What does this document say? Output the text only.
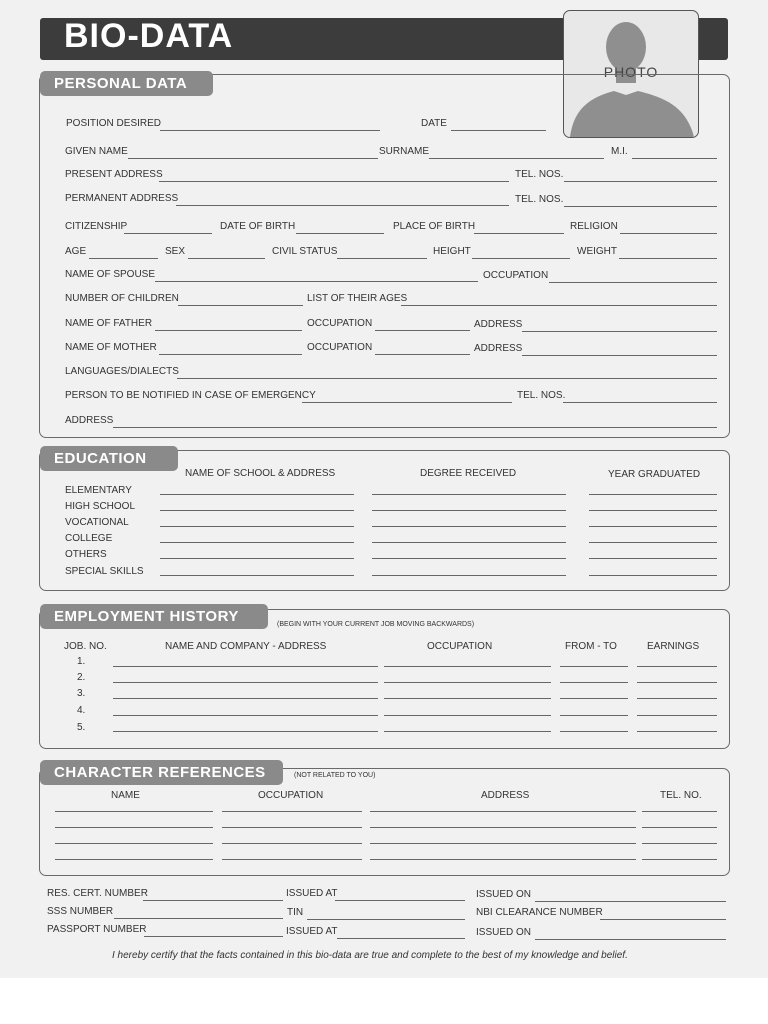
BIO-DATA
PHOTO
PERSONAL DATA
POSITION DESIRED	DATE
GIVEN NAME	SURNAME	M.I.
PRESENT ADDRESS	TEL. NOS.
PERMANENT ADDRESS	TEL. NOS.
CITIZENSHIP	DATE OF BIRTH	PLACE OF BIRTH	RELIGION
AGE	SEX	CIVIL STATUS	HEIGHT	WEIGHT
NAME OF SPOUSE	OCCUPATION
NUMBER OF CHILDREN	LIST OF THEIR AGES
NAME OF FATHER	OCCUPATION	ADDRESS
NAME OF MOTHER	OCCUPATION	ADDRESS
LANGUAGES/DIALECTS
PERSON TO BE NOTIFIED IN CASE OF EMERGENCY	TEL. NOS.
ADDRESS
EDUCATION
NAME OF SCHOOL & ADDRESS	DEGREE RECEIVED	YEAR GRADUATED
ELEMENTARY
HIGH SCHOOL
VOCATIONAL
COLLEGE
OTHERS
SPECIAL SKILLS
EMPLOYMENT HISTORY	(BEGIN WITH YOUR CURRENT JOB MOVING BACKWARDS)
JOB. NO.	NAME AND COMPANY - ADDRESS	OCCUPATION	FROM - TO	EARNINGS
1.
2.
3.
4.
5.
CHARACTER REFERENCES	(NOT RELATED TO YOU)
NAME	OCCUPATION	ADDRESS	TEL. NO.
RES. CERT. NUMBER	ISSUED AT	ISSUED ON
SSS NUMBER	TIN	NBI CLEARANCE NUMBER
PASSPORT NUMBER	ISSUED AT	ISSUED ON
I hereby certify that the facts contained in this bio-data are true and complete to the best of my knowledge and belief.
